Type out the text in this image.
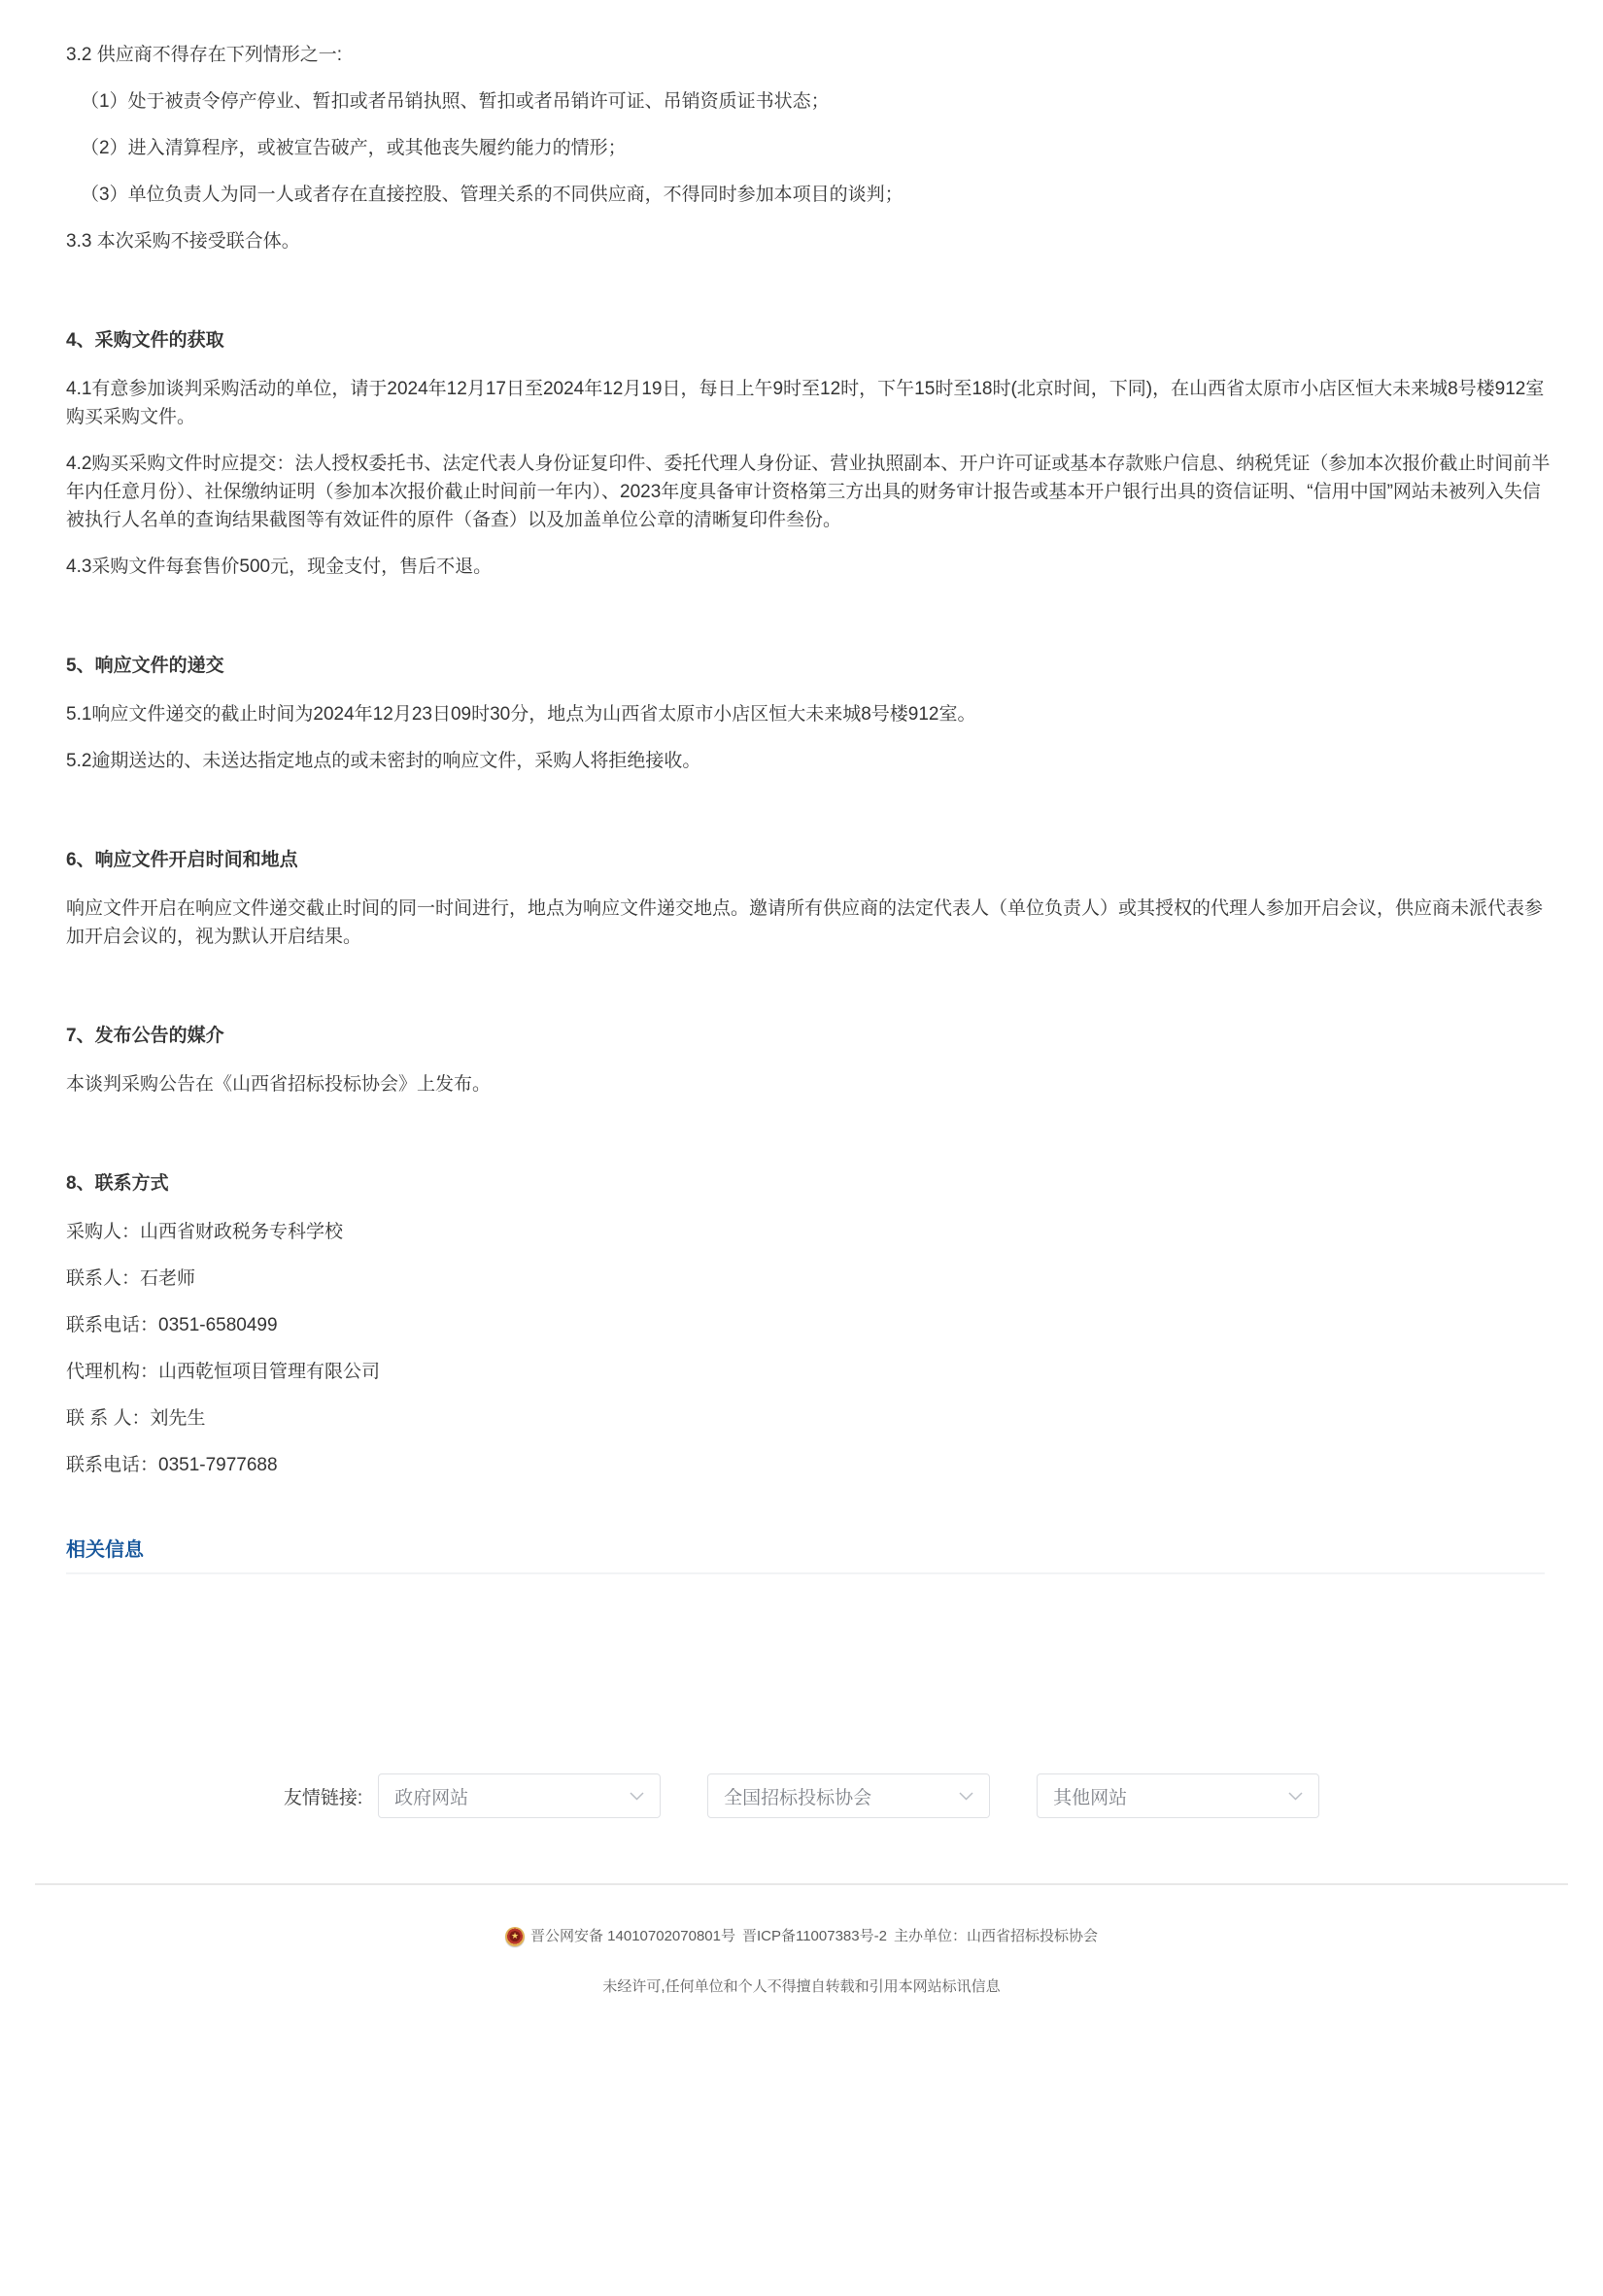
3.2 供应商不得存在下列情形之一:

（1）处于被责令停产停业、暂扣或者吊销执照、暂扣或者吊销许可证、吊销资质证书状态；

（2）进入清算程序，或被宣告破产，或其他丧失履约能力的情形；

（3）单位负责人为同一人或者存在直接控股、管理关系的不同供应商，不得同时参加本项目的谈判；

3.3 本次采购不接受联合体。

4、采购文件的获取

4.1有意参加谈判采购活动的单位，请于2024年12月17日至2024年12月19日，每日上午9时至12时，下午15时至18时(北京时间，下同)，在山西省太原市小店区恒大未来城8号楼912室购买采购文件。

4.2购买采购文件时应提交：法人授权委托书、法定代表人身份证复印件、委托代理人身份证、营业执照副本、开户许可证或基本存款账户信息、纳税凭证（参加本次报价截止时间前半年内任意月份）、社保缴纳证明（参加本次报价截止时间前一年内）、2023年度具备审计资格第三方出具的财务审计报告或基本开户银行出具的资信证明、“信用中国”网站未被列入失信被执行人名单的查询结果截图等有效证件的原件（备查）以及加盖单位公章的清晰复印件叁份。

4.3采购文件每套售价500元，现金支付，售后不退。

5、响应文件的递交

5.1响应文件递交的截止时间为2024年12月23日09时30分，地点为山西省太原市小店区恒大未来城8号楼912室。

5.2逾期送达的、未送达指定地点的或未密封的响应文件，采购人将拒绝接收。

6、响应文件开启时间和地点

响应文件开启在响应文件递交截止时间的同一时间进行，地点为响应文件递交地点。邀请所有供应商的法定代表人（单位负责人）或其授权的代理人参加开启会议，供应商未派代表参加开启会议的，视为默认开启结果。

7、发布公告的媒介

本谈判采购公告在《山西省招标投标协会》上发布。

8、联系方式

采购人：山西省财政税务专科学校

联系人：石老师

联系电话：0351-6580499

代理机构：山西乾恒项目管理有限公司

联 系 人：刘先生

联系电话：0351-7977688

相关信息
友情链接: 政府网站	全国招标投标协会	其他网站
★ 晋公网安备 14010702070801号 晋ICP备11007383号-2 主办单位：山西省招标投标协会
未经许可,任何单位和个人不得擅自转载和引用本网站标讯信息
